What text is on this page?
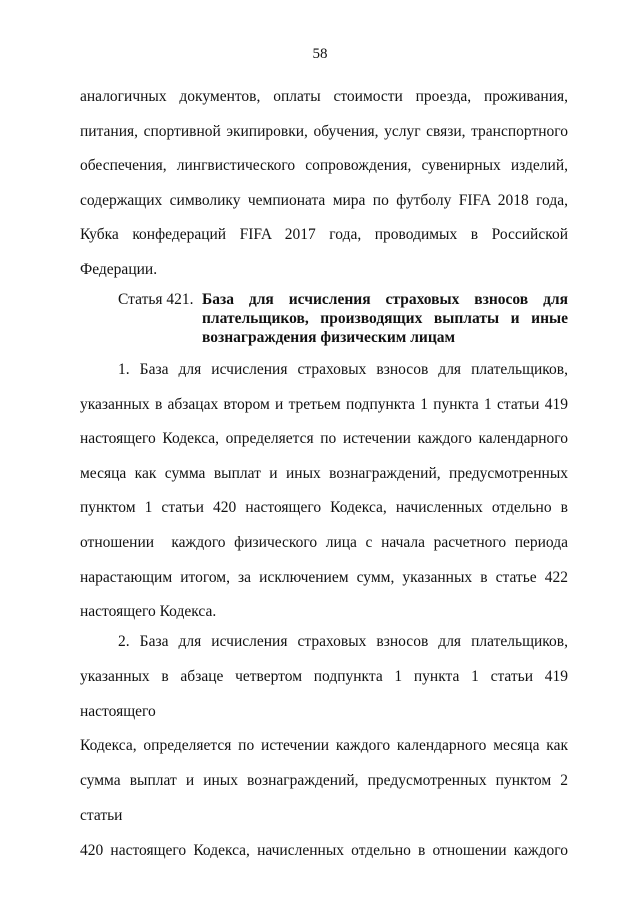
58

аналогичных документов, оплаты стоимости проезда, проживания,

питания, спортивной экипировки, обучения, услуг связи, транспортного

обеспечения, лингвистического сопровождения, сувенирных изделий,

содержащих символику чемпионата мира по футболу FIFA 2018 года,

Кубка конфедераций FIFA 2017 года, проводимых в Российской

Федерации.

Статья 421. База для исчисления страховых взносов для
плательщиков, производящих выплаты и иные
вознаграждения физическим лицам

1. База для исчисления страховых взносов для плательщиков,

указанных в абзацах втором и третьем подпункта 1 пункта 1 статьи 419

настоящего Кодекса, определяется по истечении каждого календарного

месяца как сумма выплат и иных вознаграждений, предусмотренных

пунктом 1 статьи 420 настоящего Кодекса, начисленных отдельно в

отношении  каждого физического лица с начала расчетного периода

нарастающим итогом, за исключением сумм, указанных в статье 422

настоящего Кодекса.

2. База для исчисления страховых взносов для плательщиков,

указанных в абзаце четвертом подпункта 1 пункта 1 статьи 419 настоящего

Кодекса, определяется по истечении каждого календарного месяца как

сумма выплат и иных вознаграждений, предусмотренных пунктом 2 статьи

420 настоящего Кодекса, начисленных отдельно в отношении каждого
